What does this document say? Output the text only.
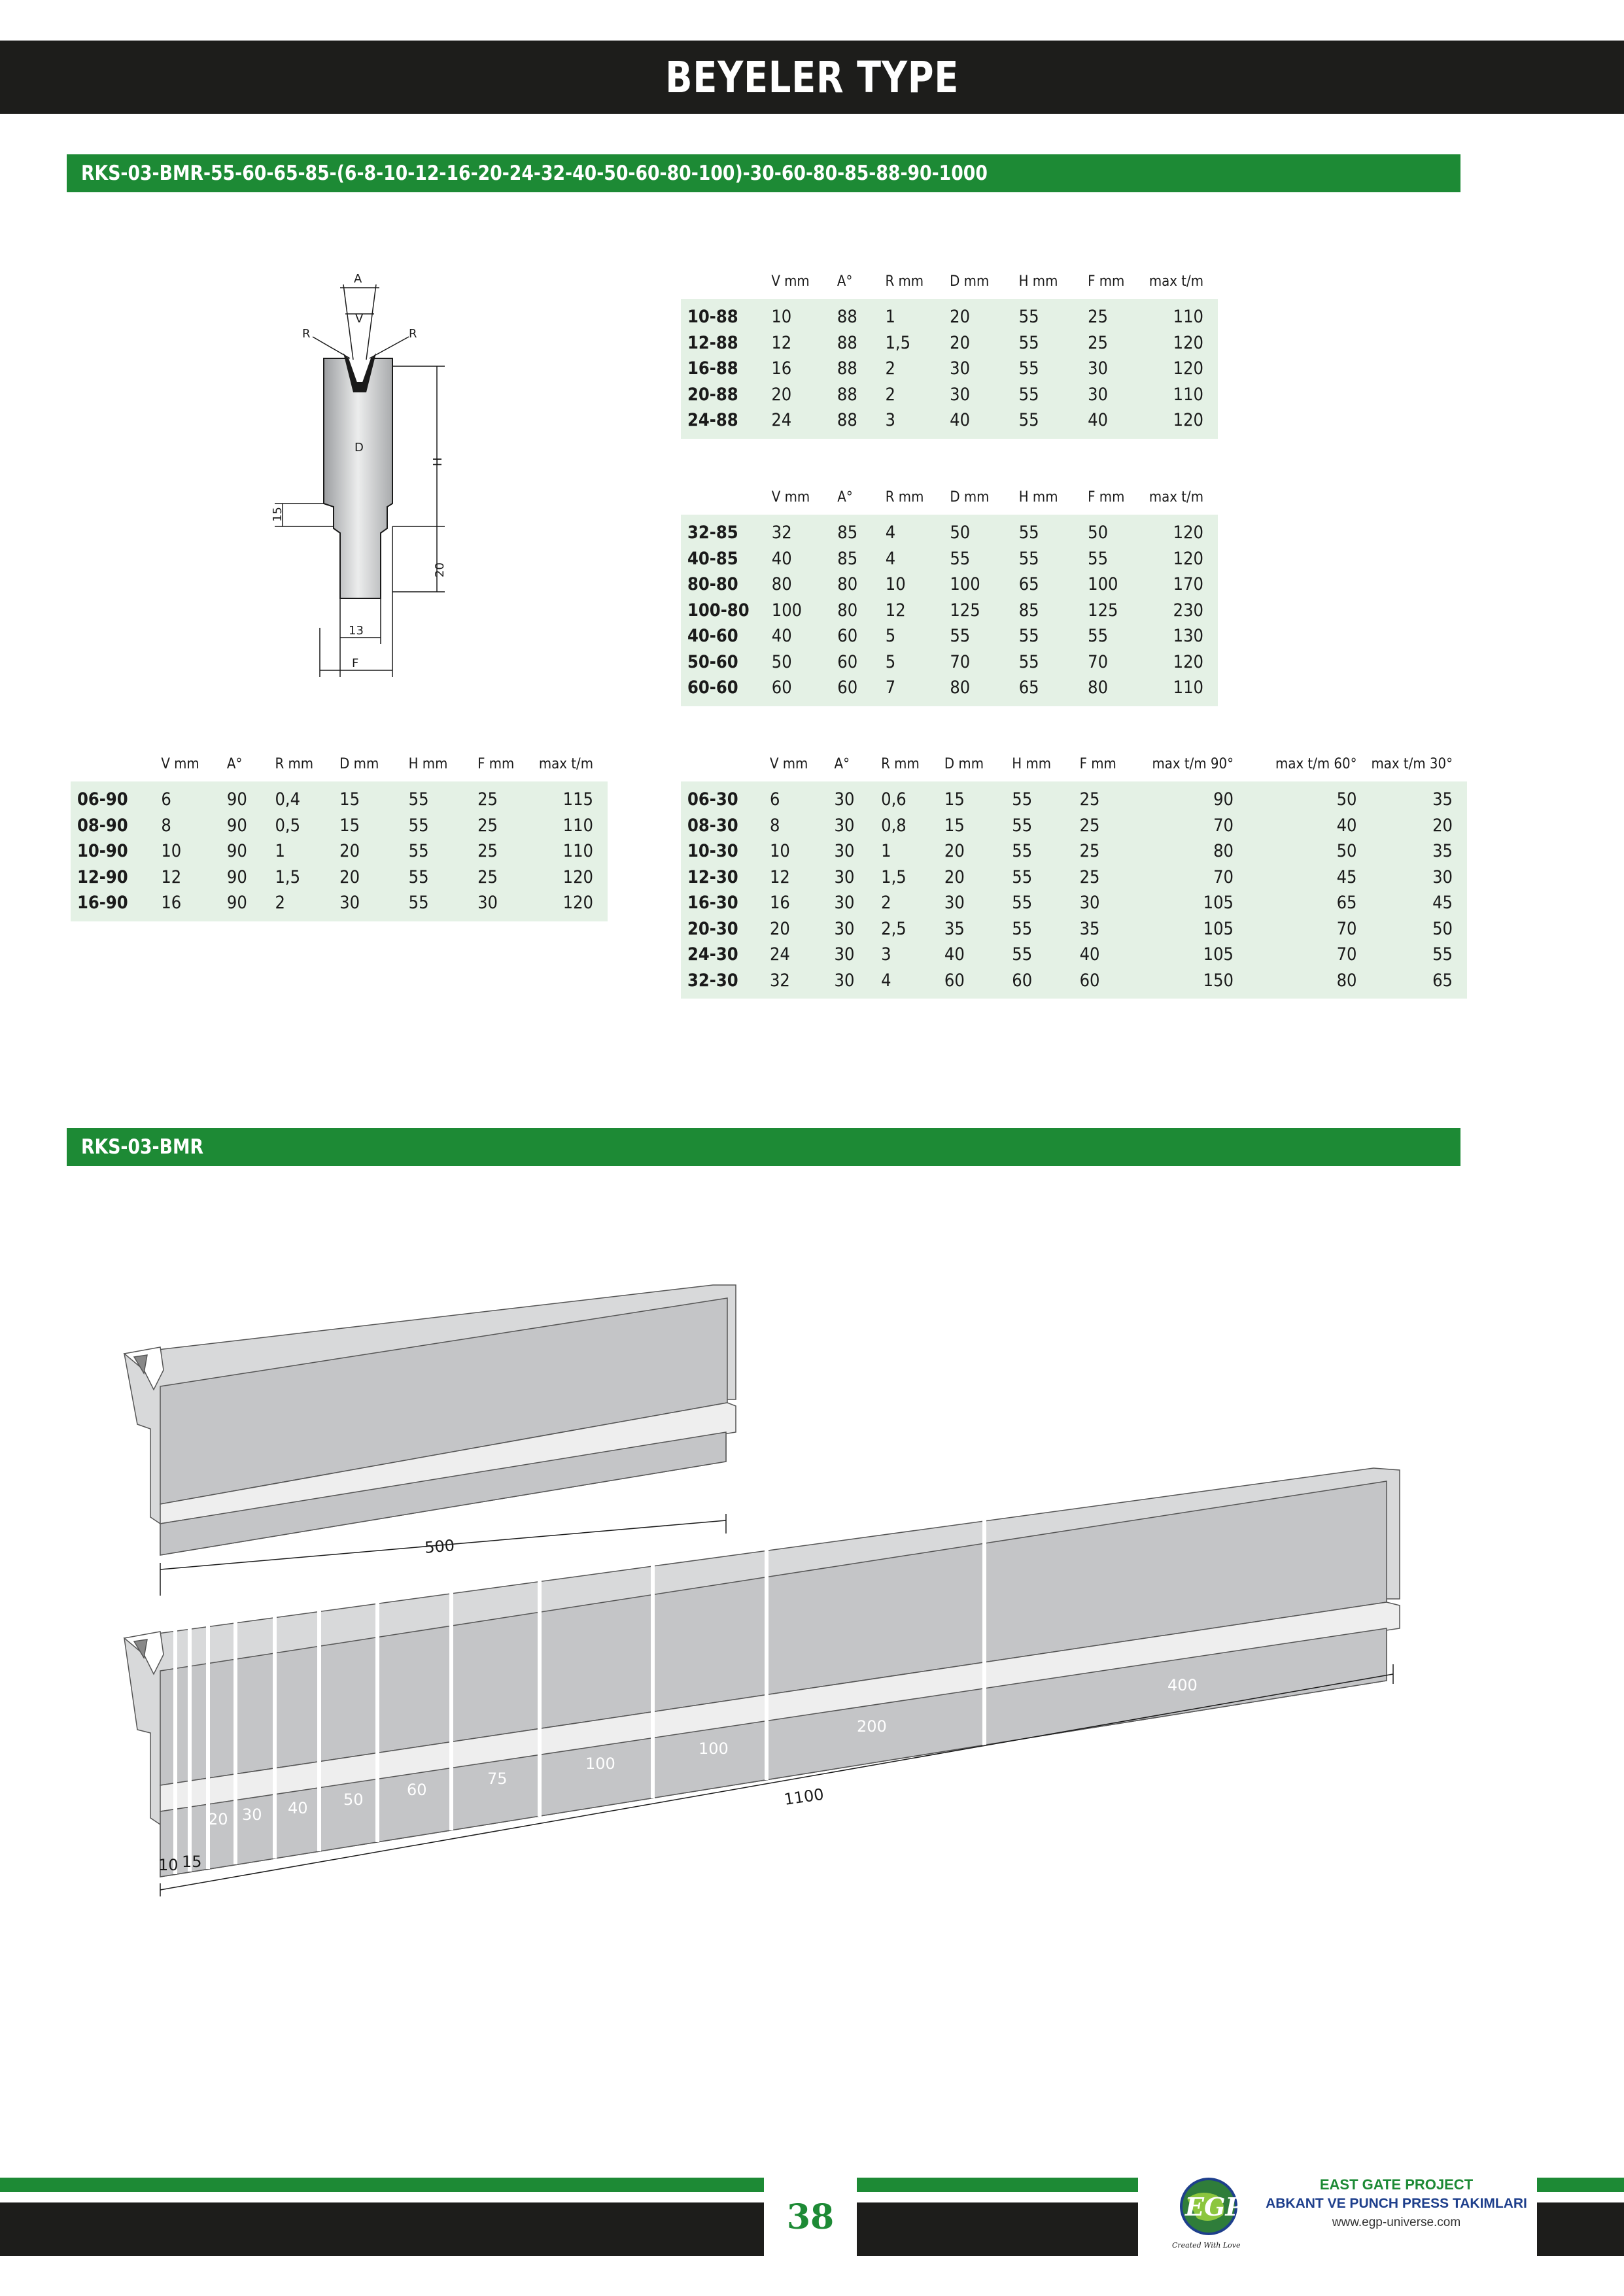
BEYELER TYPE
RKS-03-BMR-55-60-65-85-(6-8-10-12-16-20-24-32-40-50-60-80-100)-30-60-80-85-88-90-1000
A
V
R	R
D
H
15
20
13
F
	V mm	A°	R mm	D mm	H mm	F mm	max t/m
10-88	10	88	1	20	55	25	110
12-88	12	88	1,5	20	55	25	120
16-88	16	88	2	30	55	30	120
20-88	20	88	2	30	55	30	110
24-88	24	88	3	40	55	40	120
	V mm	A°	R mm	D mm	H mm	F mm	max t/m
32-85	32	85	4	50	55	50	120
40-85	40	85	4	55	55	55	120
80-80	80	80	10	100	65	100	170
100-80	100	80	12	125	85	125	230
40-60	40	60	5	55	55	55	130
50-60	50	60	5	70	55	70	120
60-60	60	60	7	80	65	80	110
	V mm	A°	R mm	D mm	H mm	F mm	max t/m
06-90	6	90	0,4	15	55	25	115
08-90	8	90	0,5	15	55	25	110
10-90	10	90	1	20	55	25	110
12-90	12	90	1,5	20	55	25	120
16-90	16	90	2	30	55	30	120
	V mm	A°	R mm	D mm	H mm	F mm	max t/m 90°	max t/m 60°	max t/m 30°
06-30	6	30	0,6	15	55	25	90	50	35
08-30	8	30	0,8	15	55	25	70	40	20
10-30	10	30	1	20	55	25	80	50	35
12-30	12	30	1,5	20	55	25	70	45	30
16-30	16	30	2	30	55	30	105	65	45
20-30	20	30	2,5	35	55	35	105	70	50
24-30	24	30	3	40	55	40	105	70	55
32-30	32	30	4	60	60	60	150	80	65
RKS-03-BMR
500
1100
10 15
20 30 40 50
60
75
100
100
200
400
38	EGP
Created With Love
EAST GATE PROJECT
ABKANT VE PUNCH PRESS TAKIMLARI
www.egp-universe.com
